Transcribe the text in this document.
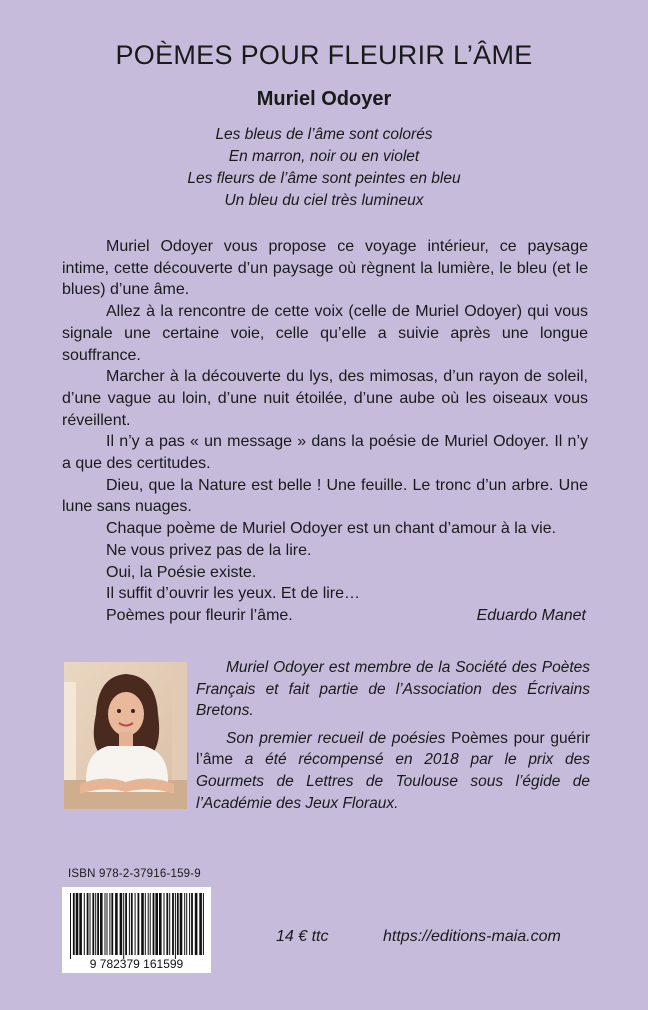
POÈMES POUR FLEURIR L’ÂME
Muriel Odoyer
Les bleus de l’âme sont colorés
En marron, noir ou en violet
Les fleurs de l’âme sont peintes en bleu
Un bleu du ciel très lumineux

Muriel Odoyer vous propose ce voyage intérieur, ce paysage intime, cette découverte d’un paysage où règnent la lumière, le bleu (et le blues) d’une âme.

Allez à la rencontre de cette voix (celle de Muriel Odoyer) qui vous signale une certaine voie, celle qu’elle a suivie après une longue souffrance.

Marcher à la découverte du lys, des mimosas, d’un rayon de soleil, d’une vague au loin, d’une nuit étoilée, d’une aube où les oiseaux vous réveillent.

Il n’y a pas « un message » dans la poésie de Muriel Odoyer. Il n’y a que des certitudes.

Dieu, que la Nature est belle ! Une feuille. Le tronc d’un arbre. Une lune sans nuages.

Chaque poème de Muriel Odoyer est un chant d’amour à la vie.

Ne vous privez pas de la lire.

Oui, la Poésie existe.

Il suffit d’ouvrir les yeux. Et de lire…

Poèmes pour fleurir l’âme.	Eduardo Manet

Muriel Odoyer est membre de la Société des Poètes Français et fait partie de l’Association des Écrivains Bretons.

Son premier recueil de poésies Poèmes pour guérir l’âme a été récompensé en 2018 par le prix des Gourmets de Lettres de Toulouse sous l’égide de l’Académie des Jeux Floraux.

ISBN 978-2-37916-159-9
9 782379 161599
14 € ttc	https://editions-maia.com
